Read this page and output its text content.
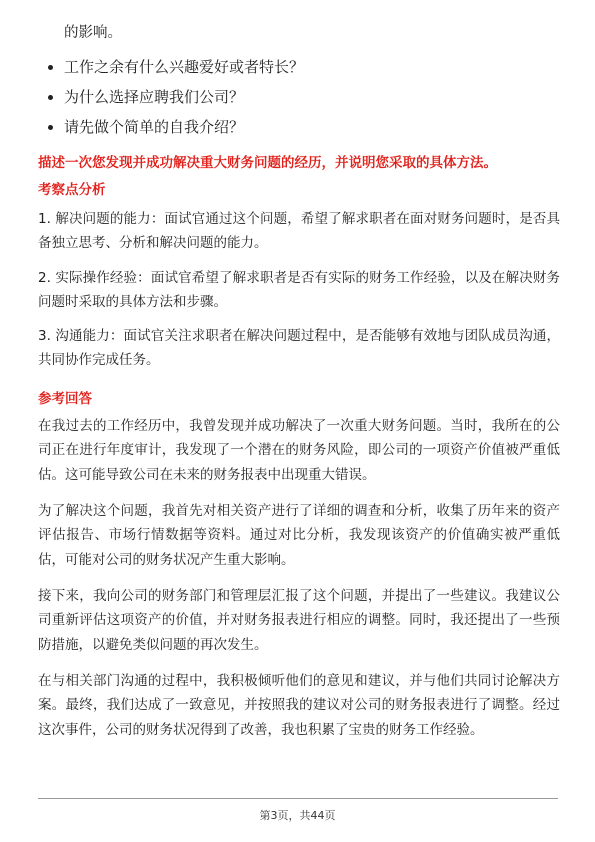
的影响。
工作之余有什么兴趣爱好或者特长？
为什么选择应聘我们公司？
请先做个简单的自我介绍？
描述一次您发现并成功解决重大财务问题的经历，并说明您采取的具体方法。
考察点分析

1. 解决问题的能力：面试官通过这个问题，希望了解求职者在面对财务问题时，是否具备独立思考、分析和解决问题的能力。

2. 实际操作经验：面试官希望了解求职者是否有实际的财务工作经验，以及在解决财务问题时采取的具体方法和步骤。

3. 沟通能力：面试官关注求职者在解决问题过程中，是否能够有效地与团队成员沟通，共同协作完成任务。

参考回答

在我过去的工作经历中，我曾发现并成功解决了一次重大财务问题。当时，我所在的公司正在进行年度审计，我发现了一个潜在的财务风险，即公司的一项资产价值被严重低估。这可能导致公司在未来的财务报表中出现重大错误。

为了解决这个问题，我首先对相关资产进行了详细的调查和分析，收集了历年来的资产评估报告、市场行情数据等资料。通过对比分析，我发现该资产的价值确实被严重低估，可能对公司的财务状况产生重大影响。

接下来，我向公司的财务部门和管理层汇报了这个问题，并提出了一些建议。我建议公司重新评估这项资产的价值，并对财务报表进行相应的调整。同时，我还提出了一些预防措施，以避免类似问题的再次发生。

在与相关部门沟通的过程中，我积极倾听他们的意见和建议，并与他们共同讨论解决方案。最终，我们达成了一致意见，并按照我的建议对公司的财务报表进行了调整。经过这次事件，公司的财务状况得到了改善，我也积累了宝贵的财务工作经验。

第3页，共44页
